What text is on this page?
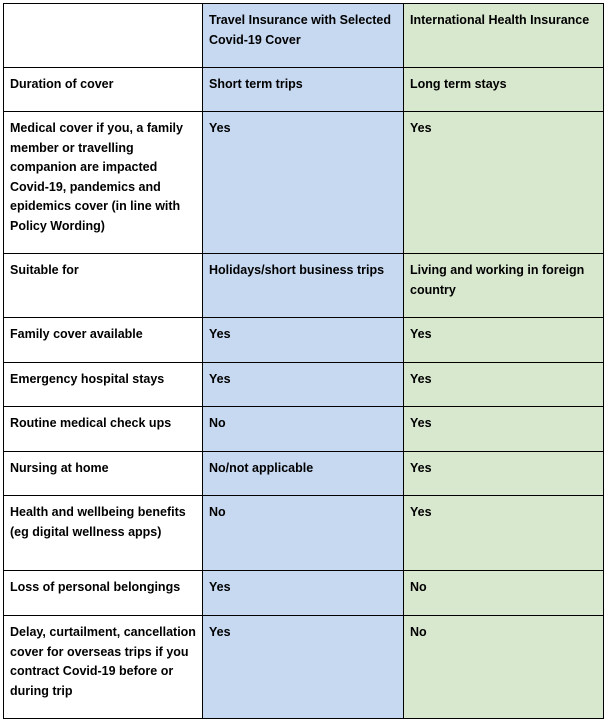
	Travel Insurance with Selected Covid-19 Cover	International Health Insurance
Duration of cover	Short term trips	Long term stays
Medical cover if you, a family member or travelling companion are impacted Covid-19, pandemics and epidemics cover (in line with Policy Wording)	Yes	Yes
Suitable for	Holidays/short business trips	Living and working in foreign country
Family cover available	Yes	Yes
Emergency hospital stays	Yes	Yes
Routine medical check ups	No	Yes
Nursing at home	No/not applicable	Yes
Health and wellbeing benefits (eg digital wellness apps)	No	Yes
Loss of personal belongings	Yes	No
Delay, curtailment, cancellation cover for overseas trips if you contract Covid-19 before or during trip	Yes	No
